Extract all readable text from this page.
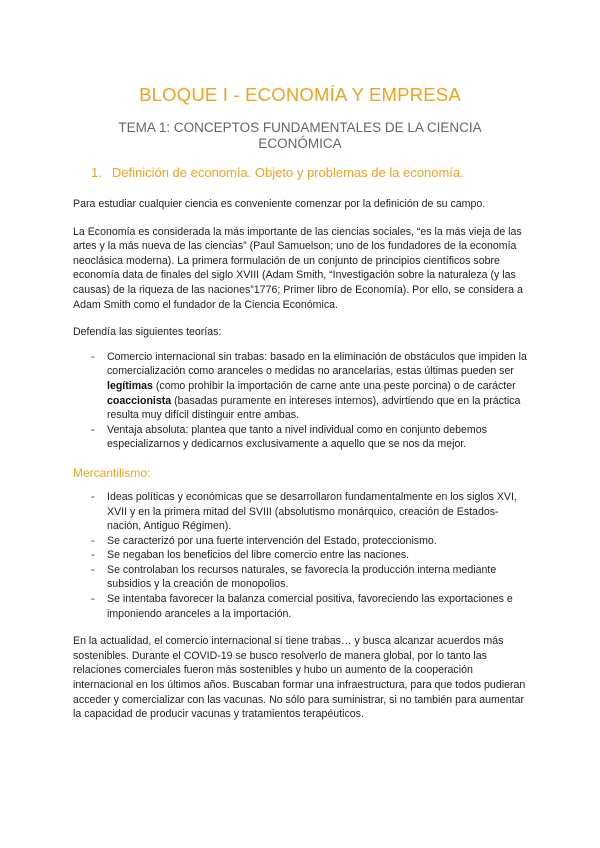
BLOQUE I - ECONOMÍA Y EMPRESA
TEMA 1: CONCEPTOS FUNDAMENTALES DE LA CIENCIA ECONÓMICA
1. Definición de economía. Objeto y problemas de la economía.

Para estudiar cualquier ciencia es conveniente comenzar por la definición de su campo.

La Economía es considerada la más importante de las ciencias sociales, “es la más vieja de las artes y la más nueva de las ciencias” (Paul Samuelson; uno de los fundadores de la economía neoclásica moderna). La primera formulación de un conjunto de principios científicos sobre economía data de finales del siglo XVIII (Adam Smith, “Investigación sobre la naturaleza (y las causas) de la riqueza de las naciones”1776; Primer libro de Economía). Por ello, se considera a Adam Smith como el fundador de la Ciencia Económica.

Defendía las siguientes teorías:

- Comercio internacional sin trabas: basado en la eliminación de obstáculos que impiden la comercialización como aranceles o medidas no arancelarias, estas últimas pueden ser legítimas (como prohibir la importación de carne ante una peste porcina) o de carácter coaccionista (basadas puramente en intereses internos), advirtiendo que en la práctica resulta muy difícil distinguir entre ambas.
- Ventaja absoluta: plantea que tanto a nivel individual como en conjunto debemos especializarnos y dedicarnos exclusivamente a aquello que se nos da mejor.
Mercantilismo:
- Ideas políticas y económicas que se desarrollaron fundamentalmente en los siglos XVI, XVII y en la primera mitad del SVIII (absolutismo monárquico, creación de Estados-nación, Antiguo Régimen).
- Se caracterizó por una fuerte intervención del Estado, proteccionismo.
- Se negaban los beneficios del libre comercio entre las naciones.
- Se controlaban los recursos naturales, se favorecía la producción interna mediante subsidios y la creación de monopolios.
- Se intentaba favorecer la balanza comercial positiva, favoreciendo las exportaciones e imponiendo aranceles a la importación.

En la actualidad, el comercio internacional sí tiene trabas… y busca alcanzar acuerdos más sostenibles. Durante el COVID-19 se busco resolverlo de manera global, por lo tanto las relaciones comerciales fueron más sostenibles y hubo un aumento de la cooperación internacional en los últimos años. Buscaban formar una infraestructura, para que todos pudieran acceder y comercializar con las vacunas. No sólo para suministrar, si no también para aumentar la capacidad de producir vacunas y tratamientos terapéuticos.
